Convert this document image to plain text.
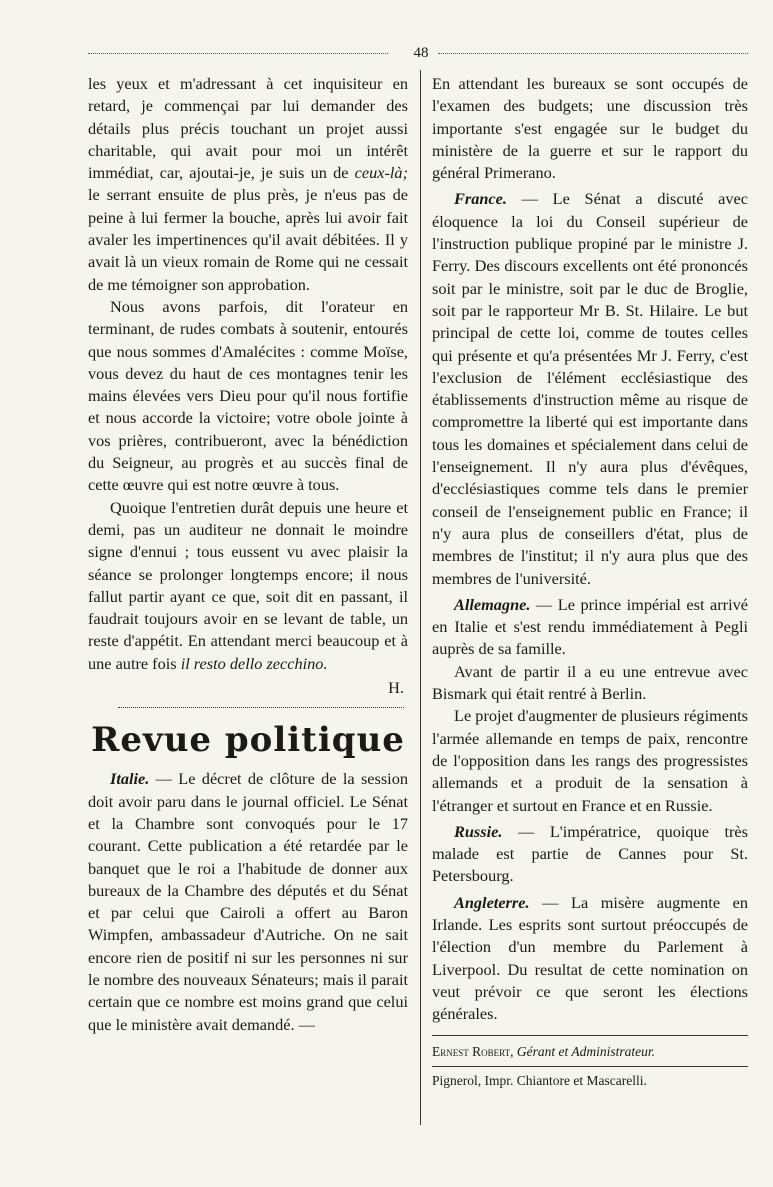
48

les yeux et m'adressant à cet inquisiteur en retard, je commençai par lui demander des détails plus précis touchant un projet aussi charitable, qui avait pour moi un intérêt immédiat, car, ajoutai-je, je suis un de ceux-là; le serrant ensuite de plus près, je n'eus pas de peine à lui fermer la bouche, après lui avoir fait avaler les impertinences qu'il avait débitées. Il y avait là un vieux romain de Rome qui ne cessait de me témoigner son approbation.

Nous avons parfois, dit l'orateur en terminant, de rudes combats à soutenir, entourés que nous sommes d'Amalécites : comme Moïse, vous devez du haut de ces montagnes tenir les mains élevées vers Dieu pour qu'il nous fortifie et nous accorde la victoire; votre obole jointe à vos prières, contribueront, avec la bénédiction du Seigneur, au progrès et au succès final de cette œuvre qui est notre œuvre à tous.

Quoique l'entretien durât depuis une heure et demi, pas un auditeur ne donnait le moindre signe d'ennui ; tous eussent vu avec plaisir la séance se prolonger longtemps encore; il nous fallut partir ayant ce que, soit dit en passant, il faudrait toujours avoir en se levant de table, un reste d'appétit. En attendant merci beaucoup et à une autre fois il resto dello zecchino.

H.

Revue politique

Italie. — Le décret de clôture de la session doit avoir paru dans le journal officiel. Le Sénat et la Chambre sont convoqués pour le 17 courant. Cette publication a été retardée par le banquet que le roi a l'habitude de donner aux bureaux de la Chambre des députés et du Sénat et par celui que Cairoli a offert au Baron Wimpfen, ambassadeur d'Autriche. On ne sait encore rien de positif ni sur les personnes ni sur le nombre des nouveaux Sénateurs; mais il parait certain que ce nombre est moins grand que celui que le ministère avait demandé. —

En attendant les bureaux se sont occupés de l'examen des budgets; une discussion très importante s'est engagée sur le budget du ministère de la guerre et sur le rapport du général Primerano.

France. — Le Sénat a discuté avec éloquence la loi du Conseil supérieur de l'instruction publique propiné par le ministre J. Ferry. Des discours excellents ont été prononcés soit par le ministre, soit par le duc de Broglie, soit par le rapporteur Mr B. St. Hilaire. Le but principal de cette loi, comme de toutes celles qui présente et qu'a présentées Mr J. Ferry, c'est l'exclusion de l'élément ecclésiastique des établissements d'instruction même au risque de compromettre la liberté qui est importante dans tous les domaines et spécialement dans celui de l'enseignement. Il n'y aura plus d'évêques, d'ecclésiastiques comme tels dans le premier conseil de l'enseignement public en France; il n'y aura plus de conseillers d'état, plus de membres de l'institut; il n'y aura plus que des membres de l'université.

Allemagne. — Le prince impérial est arrivé en Italie et s'est rendu immédiatement à Pegli auprès de sa famille.

Avant de partir il a eu une entrevue avec Bismark qui était rentré à Berlin.

Le projet d'augmenter de plusieurs régiments l'armée allemande en temps de paix, rencontre de l'opposition dans les rangs des progressistes allemands et a produit de la sensation à l'étranger et surtout en France et en Russie.

Russie. — L'impératrice, quoique très malade est partie de Cannes pour St. Petersbourg.

Angleterre. — La misère augmente en Irlande. Les esprits sont surtout préoccupés de l'élection d'un membre du Parlement à Liverpool. Du resultat de cette nomination on veut prévoir ce que seront les élections générales.

Ernest Robert, Gérant et Administrateur.

Pignerol, Impr. Chiantore et Mascarelli.
